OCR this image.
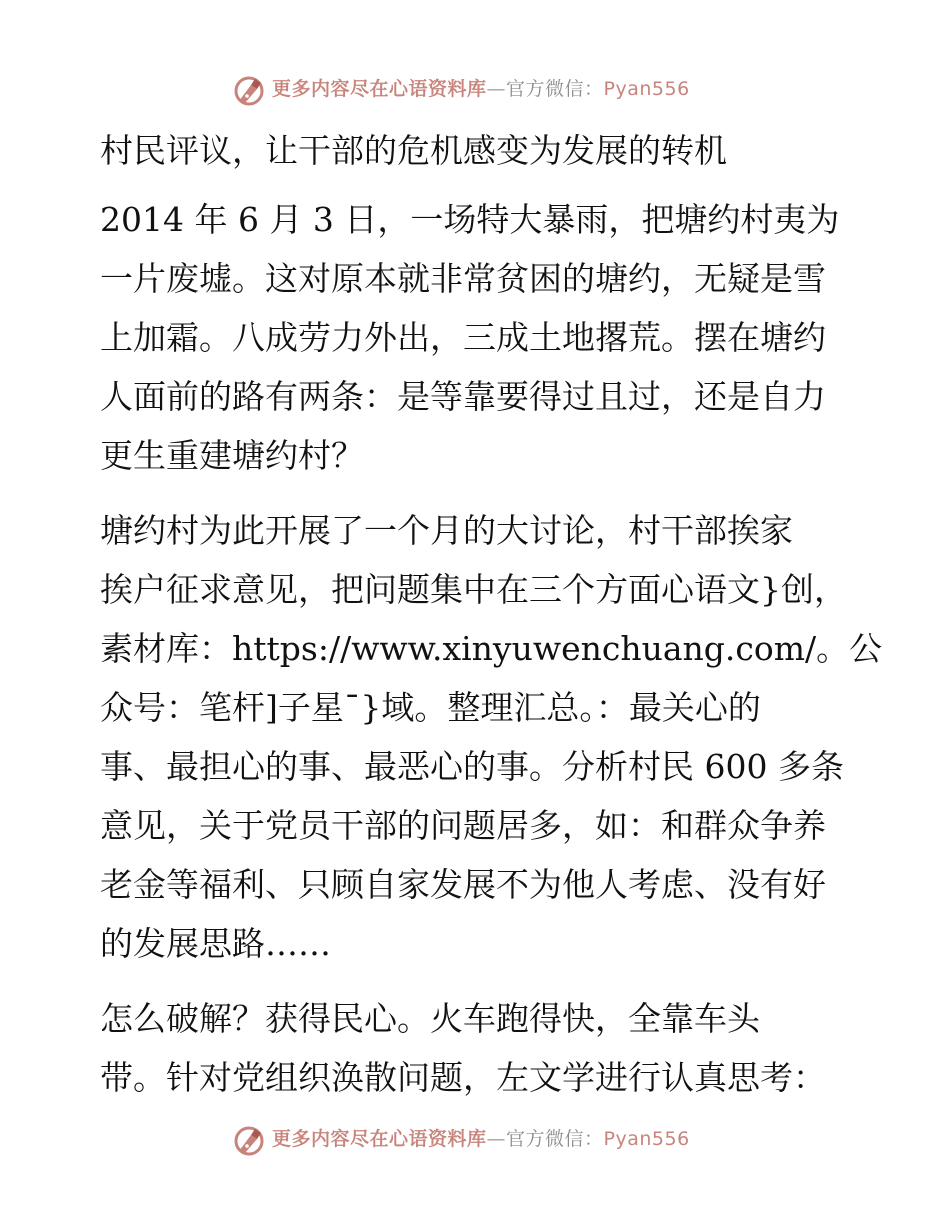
更多内容尽在心语资料库—官方微信：Pyan556

村民评议，让干部的危机感变为发展的转机

2014 年 6 月 3 日，一场特大暴雨，把塘约村夷为
一片废墟。这对原本就非常贫困的塘约，无疑是雪
上加霜。八成劳力外出，三成土地撂荒。摆在塘约
人面前的路有两条：是等靠要得过且过，还是自力
更生重建塘约村？
塘约村为此开展了一个月的大讨论，村干部挨家
挨户征求意见，把问题集中在三个方面心语文}创，
素材库：https://www.xinyuwenchuang.com/。公
众号：笔杆]子星¯}域。整理汇总。：最关心的
事、最担心的事、最恶心的事。分析村民 600 多条
意见，关于党员干部的问题居多，如：和群众争养
老金等福利、只顾自家发展不为他人考虑、没有好
的发展思路……
怎么破解？获得民心。火车跑得快，全靠车头
带。针对党组织涣散问题，左文学进行认真思考：
更多内容尽在心语资料库—官方微信：Pyan556
